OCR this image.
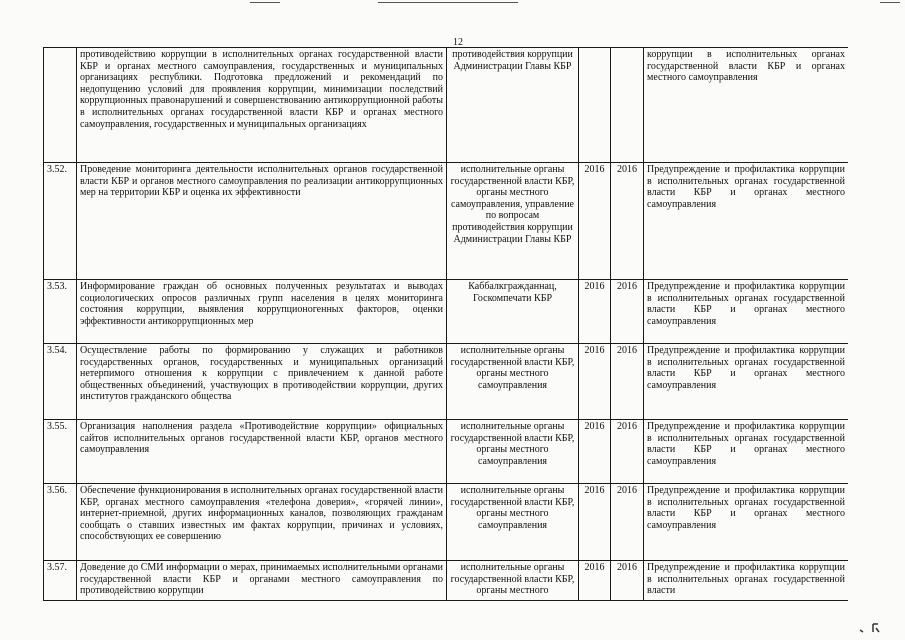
12
	противодействию коррупции в исполнительных органах государственной власти КБР и органах местного самоуправления, государственных и муниципальных организациях республики. Подготовка предложений и рекомендаций по недопущению условий для проявления коррупции, минимизации последствий коррупционных правонарушений и совершенствованию антикоррупционной работы в исполнительных органах государственной власти КБР и органах местного самоуправления, государственных и муниципальных организациях	противодействия коррупции Администрации Главы КБР			коррупции в исполнительных органах государственной власти КБР и органах местного самоуправления
3.52.	Проведение мониторинга деятельности исполнительных органов государственной власти КБР и органов местного самоуправления по реализации антикоррупционных мер на территории КБР и оценка их эффективности	исполнительные органы государственной власти КБР, органы местного самоуправления, управление по вопросам противодействия коррупции Администрации Главы КБР	2016	2016	Предупреждение и профилактика коррупции в исполнительных органах государственной власти КБР и органах местного самоуправления
3.53.	Информирование граждан об основных полученных результатах и выводах социологических опросов различных групп населения в целях мониторинга состояния коррупции, выявления коррупционогенных факторов, оценки эффективности антикоррупционных мер	Каббалкгражданнац, Госкомпечати КБР	2016	2016	Предупреждение и профилактика коррупции в исполнительных органах государственной власти КБР и органах местного самоуправления
3.54.	Осуществление работы по формированию у служащих и работников государственных органов, государственных и муниципальных организаций нетерпимого отношения к коррупции с привлечением к данной работе общественных объединений, участвующих в противодействии коррупции, других институтов гражданского общества	исполнительные органы государственной власти КБР, органы местного самоуправления	2016	2016	Предупреждение и профилактика коррупции в исполнительных органах государственной власти КБР и органах местного самоуправления
3.55.	Организация наполнения раздела «Противодействие коррупции» официальных сайтов исполнительных органов государственной власти КБР, органов местного самоуправления	исполнительные органы государственной власти КБР, органы местного самоуправления	2016	2016	Предупреждение и профилактика коррупции в исполнительных органах государственной власти КБР и органах местного самоуправления
3.56.	Обеспечение функционирования в исполнительных органах государственной власти КБР, органах местного самоуправления «телефона доверия», «горячей линии», интернет-приемной, других информационных каналов, позволяющих гражданам сообщать о ставших известных им фактах коррупции, причинах и условиях, способствующих ее совершению	исполнительные органы государственной власти КБР, органы местного самоуправления	2016	2016	Предупреждение и профилактика коррупции в исполнительных органах государственной власти КБР и органах местного самоуправления
3.57.	Доведение до СМИ информации о мерах, принимаемых исполнительными органами государственной власти КБР и органами местного самоуправления по противодействию коррупции	исполнительные органы государственной власти КБР, органы местного	2016	2016	Предупреждение и профилактика коррупции в исполнительных органах государственной власти
